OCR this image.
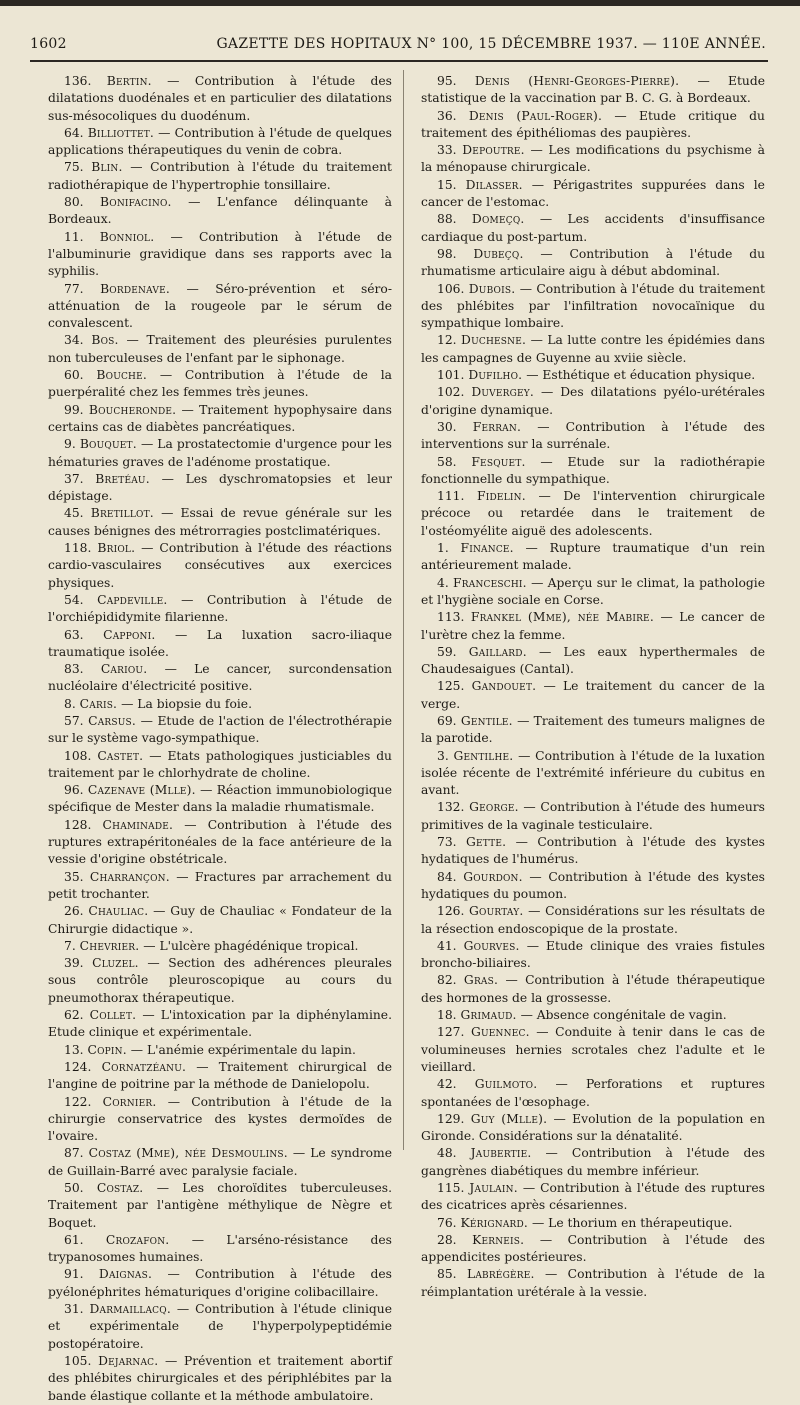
1602	GAZETTE DES HOPITAUX N° 100, 15 DÉCEMBRE 1937. — 110E ANNÉE.

136. Bertin. — Contribution à l'étude des dilatations duodénales et en particulier des dilatations sus-mésocoliques du duodénum.

64. Billiottet. — Contribution à l'étude de quelques applications thérapeutiques du venin de cobra.

75. Blin. — Contribution à l'étude du traitement radiothérapique de l'hypertrophie tonsillaire.

80. Bonifacino. — L'enfance délinquante à Bordeaux.

11. Bonniol. — Contribution à l'étude de l'albuminurie gravidique dans ses rapports avec la syphilis.

77. Bordenave. — Séro-prévention et séro-atténuation de la rougeole par le sérum de convalescent.

34. Bos. — Traitement des pleurésies purulentes non tuberculeuses de l'enfant par le siphonage.

60. Bouche. — Contribution à l'étude de la puerpéralité chez les femmes très jeunes.

99. Boucheronde. — Traitement hypophysaire dans certains cas de diabètes pancréatiques.

9. Bouquet. — La prostatectomie d'urgence pour les hématuries graves de l'adénome prostatique.

37. Bretéau. — Les dyschromatopsies et leur dépistage.

45. Bretillot. — Essai de revue générale sur les causes bénignes des métrorragies postclimatériques.

118. Briol. — Contribution à l'étude des réactions cardio-vasculaires consécutives aux exercices physiques.

54. Capdeville. — Contribution à l'étude de l'orchiépididymite filarienne.

63. Capponi. — La luxation sacro-iliaque traumatique isolée.

83. Cariou. — Le cancer, surcondensation nucléolaire d'électricité positive.

8. Caris. — La biopsie du foie.

57. Carsus. — Etude de l'action de l'électrothérapie sur le système vago-sympathique.

108. Castet. — Etats pathologiques justiciables du traitement par le chlorhydrate de choline.

96. Cazenave (Mlle). — Réaction immunobiologique spécifique de Mester dans la maladie rhumatismale.

128. Chaminade. — Contribution à l'étude des ruptures extrapéritonéales de la face antérieure de la vessie d'origine obstétricale.

35. Charrançon. — Fractures par arrachement du petit trochanter.

26. Chauliac. — Guy de Chauliac « Fondateur de la Chirurgie didactique ».

7. Chevrier. — L'ulcère phagédénique tropical.

39. Cluzel. — Section des adhérences pleurales sous contrôle pleuroscopique au cours du pneumothorax thérapeutique.

62. Collet. — L'intoxication par la diphénylamine. Etude clinique et expérimentale.

13. Copin. — L'anémie expérimentale du lapin.

124. Cornatzéanu. — Traitement chirurgical de l'angine de poitrine par la méthode de Danielopolu.

122. Cornier. — Contribution à l'étude de la chirurgie conservatrice des kystes dermoïdes de l'ovaire.

87. Costaz (Mme), née Desmoulins. — Le syndrome de Guillain-Barré avec paralysie faciale.

50. Costaz. — Les choroïdites tuberculeuses. Traitement par l'antigène méthylique de Nègre et Boquet.

61. Crozafon. — L'arséno-résistance des trypanosomes humaines.

91. Daignas. — Contribution à l'étude des pyélonéphrites hématuriques d'origine colibacillaire.

31. Darmaillacq. — Contribution à l'étude clinique et expérimentale de l'hyperpolypeptidémie postopératoire.

105. Dejarnac. — Prévention et traitement abortif des phlébites chirurgicales et des périphlébites par la bande élastique collante et la méthode ambulatoire.

95. Denis (Henri-Georges-Pierre). — Etude statistique de la vaccination par B. C. G. à Bordeaux.

36. Denis (Paul-Roger). — Etude critique du traitement des épithéliomas des paupières.

33. Depoutre. — Les modifications du psychisme à la ménopause chirurgicale.

15. Dilasser. — Périgastrites suppurées dans le cancer de l'estomac.

88. Domeçq. — Les accidents d'insuffisance cardiaque du post-partum.

98. Dubeçq. — Contribution à l'étude du rhumatisme articulaire aigu à début abdominal.

106. Dubois. — Contribution à l'étude du traitement des phlébites par l'infiltration novocaïnique du sympathique lombaire.

12. Duchesne. — La lutte contre les épidémies dans les campagnes de Guyenne au xviie siècle.

101. Dufilho. — Esthétique et éducation physique.

102. Duvergey. — Des dilatations pyélo-urétérales d'origine dynamique.

30. Ferran. — Contribution à l'étude des interventions sur la surrénale.

58. Fesquet. — Etude sur la radiothérapie fonctionnelle du sympathique.

111. Fidelin. — De l'intervention chirurgicale précoce ou retardée dans le traitement de l'ostéomyélite aiguë des adolescents.

1. Finance. — Rupture traumatique d'un rein antérieurement malade.

4. Franceschi. — Aperçu sur le climat, la pathologie et l'hygiène sociale en Corse.

113. Frankel (Mme), née Mabire. — Le cancer de l'urètre chez la femme.

59. Gaillard. — Les eaux hyperthermales de Chaudesaigues (Cantal).

125. Gandouet. — Le traitement du cancer de la verge.

69. Gentile. — Traitement des tumeurs malignes de la parotide.

3. Gentilhe. — Contribution à l'étude de la luxation isolée récente de l'extrémité inférieure du cubitus en avant.

132. George. — Contribution à l'étude des humeurs primitives de la vaginale testiculaire.

73. Gette. — Contribution à l'étude des kystes hydatiques de l'humérus.

84. Gourdon. — Contribution à l'étude des kystes hydatiques du poumon.

126. Gourtay. — Considérations sur les résultats de la résection endoscopique de la prostate.

41. Gourves. — Etude clinique des vraies fistules broncho-biliaires.

82. Gras. — Contribution à l'étude thérapeutique des hormones de la grossesse.

18. Grimaud. — Absence congénitale de vagin.

127. Guennec. — Conduite à tenir dans le cas de volumineuses hernies scrotales chez l'adulte et le vieillard.

42. Guilmoto. — Perforations et ruptures spontanées de l'œsophage.

129. Guy (Mlle). — Evolution de la population en Gironde. Considérations sur la dénatalité.

48. Jaubertie. — Contribution à l'étude des gangrènes diabétiques du membre inférieur.

115. Jaulain. — Contribution à l'étude des ruptures des cicatrices après césariennes.

76. Kérignard. — Le thorium en thérapeutique.

28. Kerneis. — Contribution à l'étude des appendicites postérieures.

85. Labrégère. — Contribution à l'étude de la réimplantation urétérale à la vessie.
